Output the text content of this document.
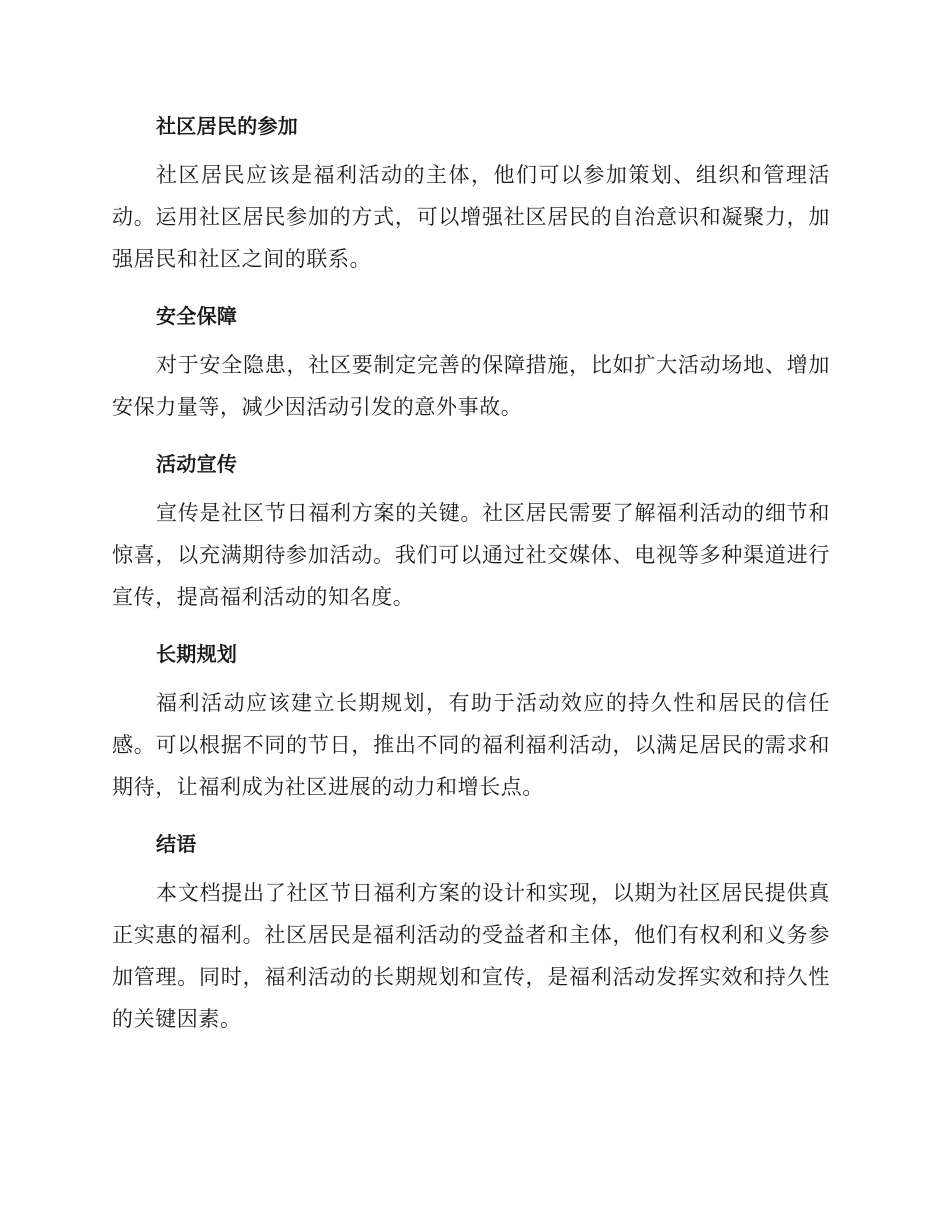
社区居民的参加

社区居民应该是福利活动的主体，他们可以参加策划、组织和管理活动。运用社区居民参加的方式，可以增强社区居民的自治意识和凝聚力，加强居民和社区之间的联系。

安全保障

对于安全隐患，社区要制定完善的保障措施，比如扩大活动场地、增加安保力量等，减少因活动引发的意外事故。

活动宣传

宣传是社区节日福利方案的关键。社区居民需要了解福利活动的细节和惊喜，以充满期待参加活动。我们可以通过社交媒体、电视等多种渠道进行宣传，提高福利活动的知名度。

长期规划

福利活动应该建立长期规划，有助于活动效应的持久性和居民的信任感。可以根据不同的节日，推出不同的福利福利活动，以满足居民的需求和期待，让福利成为社区进展的动力和增长点。

结语

本文档提出了社区节日福利方案的设计和实现，以期为社区居民提供真正实惠的福利。社区居民是福利活动的受益者和主体，他们有权利和义务参加管理。同时，福利活动的长期规划和宣传，是福利活动发挥实效和持久性的关键因素。
